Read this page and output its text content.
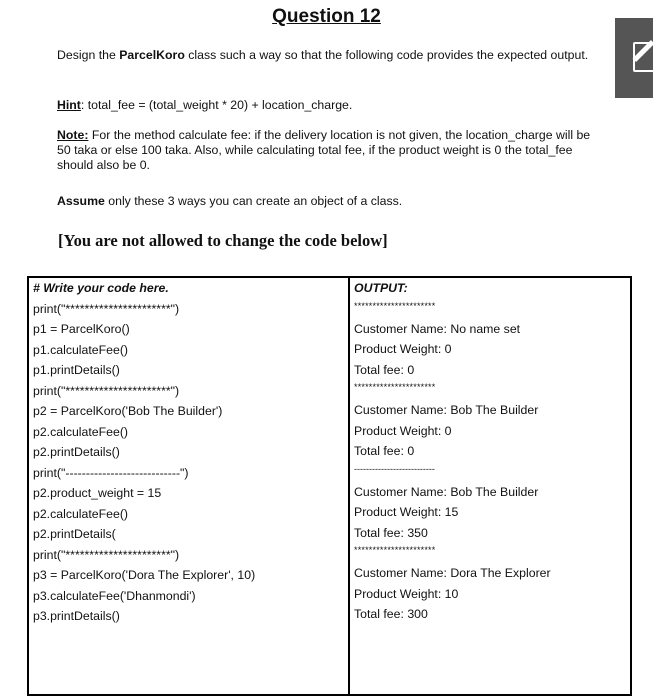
Question 12
Design the ParcelKoro class such a way so that the following code provides the expected output.
Hint: total_fee = (total_weight * 20) + location_charge.
Note: For the method calculate fee: if the delivery location is not given, the location_charge will be 50 taka or else 100 taka. Also, while calculating total fee, if the product weight is 0 the total_fee should also be 0.
Assume only these 3 ways you can create an object of a class.
[You are not allowed to change the code below]
# Write your code here.
print("**********************")
p1 = ParcelKoro()
p1.calculateFee()
p1.printDetails()
print("**********************")
p2 = ParcelKoro('Bob The Builder')
p2.calculateFee()
p2.printDetails()
print("----------------------------")
p2.product_weight = 15
p2.calculateFee()
p2.printDetails(
print("**********************")
p3 = ParcelKoro('Dora The Explorer', 10)
p3.calculateFee('Dhanmondi')
p3.printDetails()
OUTPUT:
**********************
Customer Name: No name set
Product Weight: 0
Total fee: 0
**********************
Customer Name: Bob The Builder
Product Weight: 0
Total fee: 0
---------------------------
Customer Name: Bob The Builder
Product Weight: 15
Total fee: 350
**********************
Customer Name: Dora The Explorer
Product Weight: 10
Total fee: 300
